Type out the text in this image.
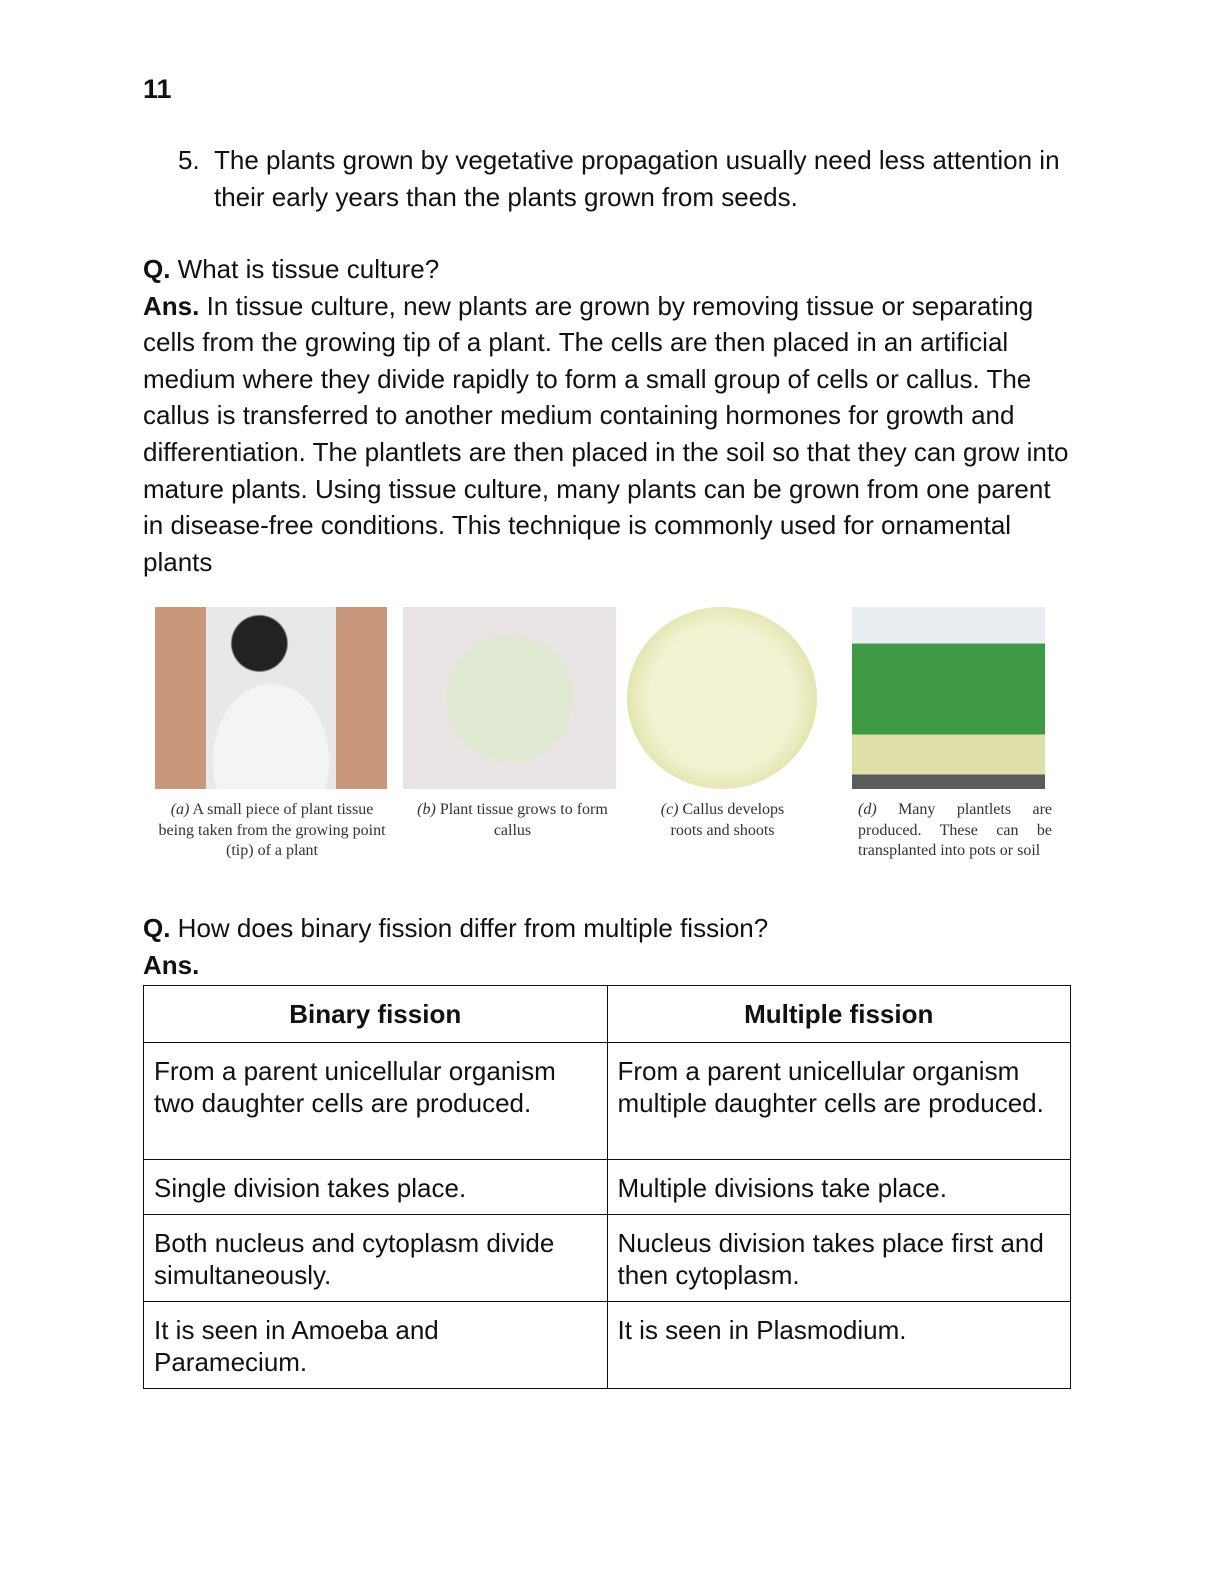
11
5. The plants grown by vegetative propagation usually need less attention in their early years than the plants grown from seeds.
Q. What is tissue culture?
Ans. In tissue culture, new plants are grown by removing tissue or separating cells from the growing tip of a plant. The cells are then placed in an artificial medium where they divide rapidly to form a small group of cells or callus. The callus is transferred to another medium containing hormones for growth and differentiation. The plantlets are then placed in the soil so that they can grow into mature plants. Using tissue culture, many plants can be grown from one parent in disease-free conditions. This technique is commonly used for ornamental plants
(a) A small piece of plant tissue being taken from the growing point (tip) of a plant
(b) Plant tissue grows to form callus
(c) Callus develops roots and shoots
(d) Many plantlets are produced. These can be transplanted into pots or soil
Q. How does binary fission differ from multiple fission?
Ans.
Binary fission	Multiple fission
From a parent unicellular organism two daughter cells are produced.	From a parent unicellular organism multiple daughter cells are produced.
Single division takes place.	Multiple divisions take place.
Both nucleus and cytoplasm divide simultaneously.	Nucleus division takes place first and then cytoplasm.
It is seen in Amoeba and Paramecium.	It is seen in Plasmodium.
